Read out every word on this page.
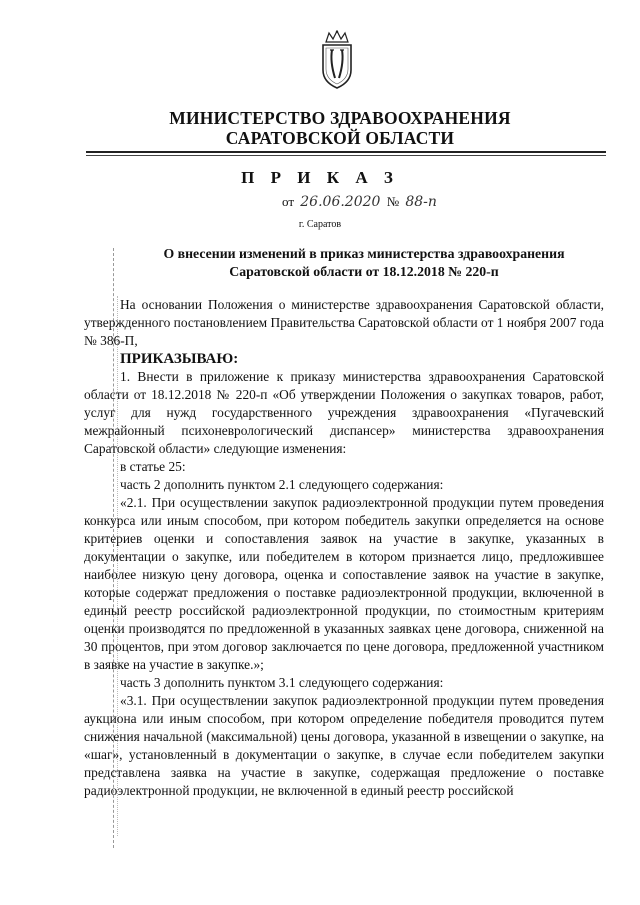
МИНИСТЕРСТВО ЗДРАВООХРАНЕНИЯ
САРАТОВСКОЙ ОБЛАСТИ
П Р И К А З
от 26.06.2020 № 88-п
г. Саратов
О внесении изменений в приказ министерства здравоохранения
Саратовской области от 18.12.2018 № 220-п

На основании Положения о министерстве здравоохранения Саратовской области, утвержденного постановлением Правительства Саратовской области от 1 ноября 2007 года № 386-П,

ПРИКАЗЫВАЮ:

1. Внести в приложение к приказу министерства здравоохранения Саратовской области от 18.12.2018 № 220-п «Об утверждении Положения о закупках товаров, работ, услуг для нужд государственного учреждения здравоохранения «Пугачевский межрайонный психоневрологический диспансер» министерства здравоохранения Саратовской области» следующие изменения:

в статье 25:

часть 2 дополнить пунктом 2.1 следующего содержания:

«2.1. При осуществлении закупок радиоэлектронной продукции путем проведения конкурса или иным способом, при котором победитель закупки определяется на основе критериев оценки и сопоставления заявок на участие в закупке, указанных в документации о закупке, или победителем в котором признается лицо, предложившее наиболее низкую цену договора, оценка и сопоставление заявок на участие в закупке, которые содержат предложения о поставке радиоэлектронной продукции, включенной в единый реестр российской радиоэлектронной продукции, по стоимостным критериям оценки производятся по предложенной в указанных заявках цене договора, сниженной на 30 процентов, при этом договор заключается по цене договора, предложенной участником в заявке на участие в закупке.»;

часть 3 дополнить пунктом 3.1 следующего содержания:

«3.1. При осуществлении закупок радиоэлектронной продукции путем проведения аукциона или иным способом, при котором определение победителя проводится путем снижения начальной (максимальной) цены договора, указанной в извещении о закупке, на «шаг», установленный в документации о закупке, в случае если победителем закупки представлена заявка на участие в закупке, содержащая предложение о поставке радиоэлектронной продукции, не включенной в единый реестр российской
